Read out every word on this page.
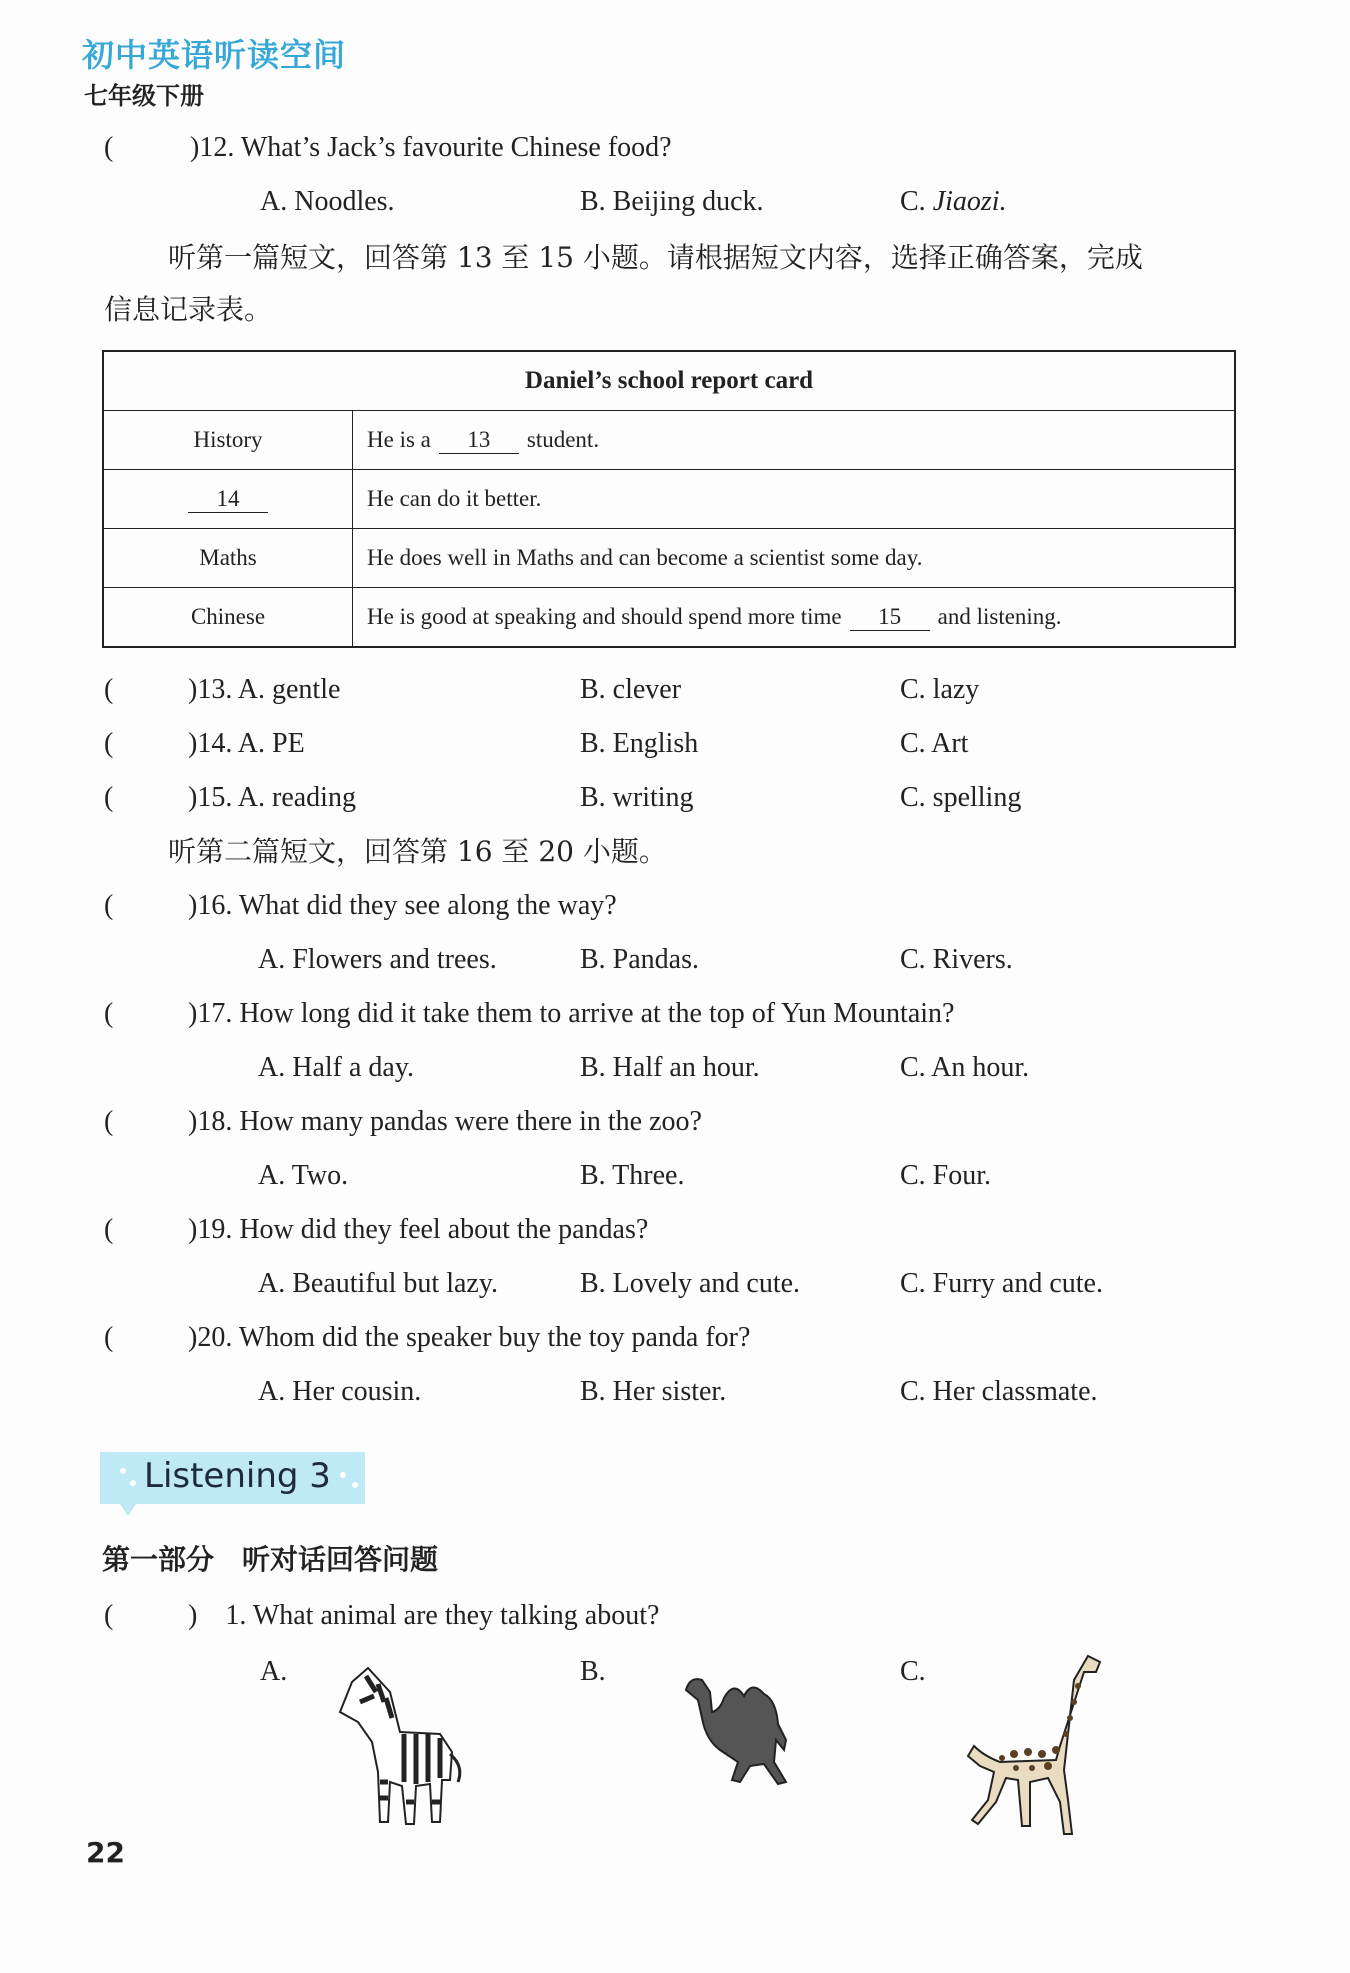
初中英语听读空间
七年级下册
(	)12. What’s Jack’s favourite Chinese food?
A. Noodles.	B. Beijing duck.	C. Jiaozi.
听第一篇短文，回答第 13 至 15 小题。请根据短文内容，选择正确答案，完成
信息记录表。
Daniel’s school report card	
History	He is a 13 student.
14	He can do it better.
Maths	He does well in Maths and can become a scientist some day.
Chinese	He is good at speaking and should spend more time 15 and listening.
(	)13. A. gentle	B. clever	C. lazy
(	)14. A. PE	B. English	C. Art
(	)15. A. reading	B. writing	C. spelling
听第二篇短文，回答第 16 至 20 小题。
(	)16. What did they see along the way?
A. Flowers and trees.	B. Pandas.	C. Rivers.
(	)17. How long did it take them to arrive at the top of Yun Mountain?
A. Half a day.	B. Half an hour.	C. An hour.
(	)18. How many pandas were there in the zoo?
A. Two.	B. Three.	C. Four.
(	)19. How did they feel about the pandas?
A. Beautiful but lazy.	B. Lovely and cute.	C. Furry and cute.
(	)20. Whom did the speaker buy the toy panda for?
A. Her cousin.	B. Her sister.	C. Her classmate.
Listening 3
第一部分　听对话回答问题
(	)　1. What animal are they talking about?
A.	B.	C.
22
